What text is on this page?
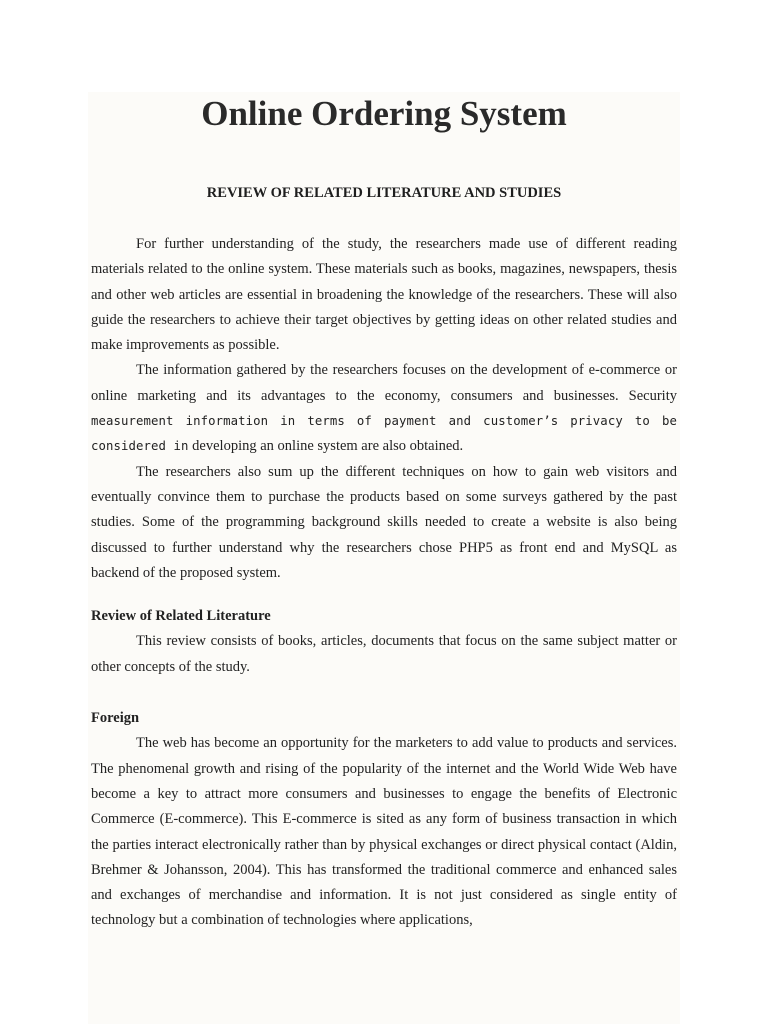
Online Ordering System
REVIEW OF RELATED LITERATURE AND STUDIES

For further understanding of the study, the researchers made use of different reading materials related to the online system. These materials such as books, magazines, newspapers, thesis and other web articles are essential in broadening the knowledge of the researchers. These will also guide the researchers to achieve their target objectives by getting ideas on other related studies and make improvements as possible.

The information gathered by the researchers focuses on the development of e-commerce or online marketing and its advantages to the economy, consumers and businesses. Security measurement information in terms of payment and customer’s privacy to be considered in developing an online system are also obtained.

The researchers also sum up the different techniques on how to gain web visitors and eventually convince them to purchase the products based on some surveys gathered by the past studies. Some of the programming background skills needed to create a website is also being discussed to further understand why the researchers chose PHP5 as front end and MySQL as backend of the proposed system.

Review of Related Literature

This review consists of books, articles, documents that focus on the same subject matter or other concepts of the study.

Foreign

The web has become an opportunity for the marketers to add value to products and services. The phenomenal growth and rising of the popularity of the internet and the World Wide Web have become a key to attract more consumers and businesses to engage the benefits of Electronic Commerce (E-commerce). This E-commerce is sited as any form of business transaction in which the parties interact electronically rather than by physical exchanges or direct physical contact (Aldin, Brehmer & Johansson, 2004). This has transformed the traditional commerce and enhanced sales and exchanges of merchandise and information. It is not just considered as single entity of technology but a combination of technologies where applications,
